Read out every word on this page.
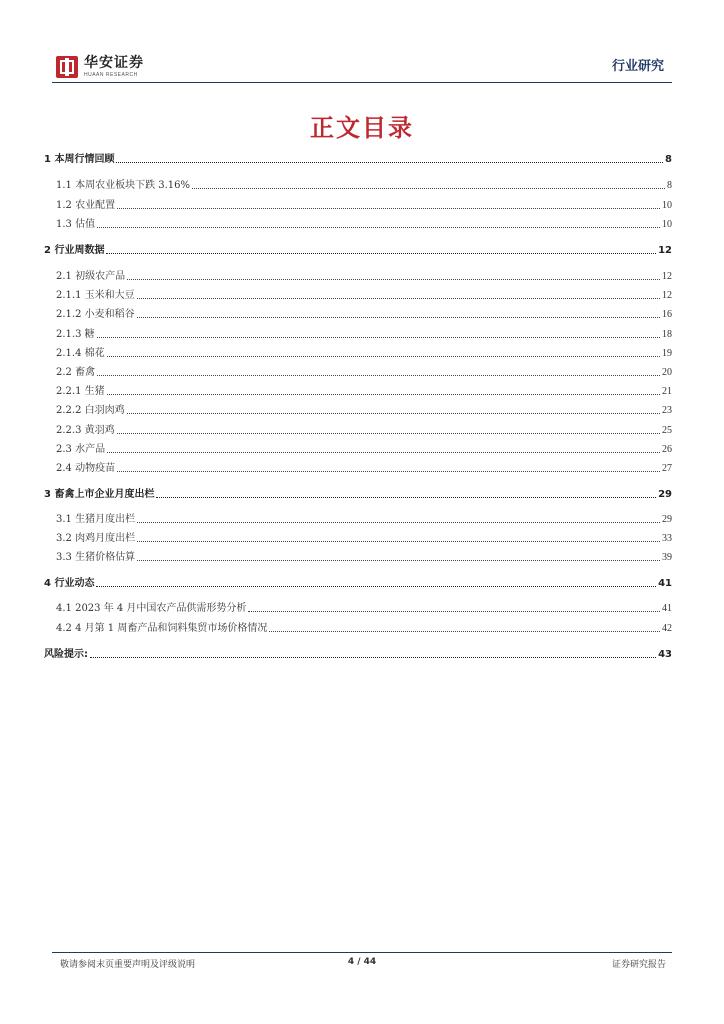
华安证券
HUAAN RESEARCH
行业研究
正文目录
1 本周行情回顾	8
1.1 本周农业板块下跌 3.16%	8
1.2 农业配置	10
1.3 估值	10
2 行业周数据	12
2.1 初级农产品	12
2.1.1 玉米和大豆	12
2.1.2 小麦和稻谷	16
2.1.3 糖	18
2.1.4 棉花	19
2.2 畜禽	20
2.2.1 生猪	21
2.2.2 白羽肉鸡	23
2.2.3 黄羽鸡	25
2.3 水产品	26
2.4 动物疫苗	27
3 畜禽上市企业月度出栏	29
3.1 生猪月度出栏	29
3.2 肉鸡月度出栏	33
3.3 生猪价格估算	39
4 行业动态	41
4.1 2023 年 4 月中国农产品供需形势分析	41
4.2 4 月第 1 周畜产品和饲料集贸市场价格情况	42
风险提示:	43
敬请参阅末页重要声明及评级说明	4 / 44	证券研究报告
